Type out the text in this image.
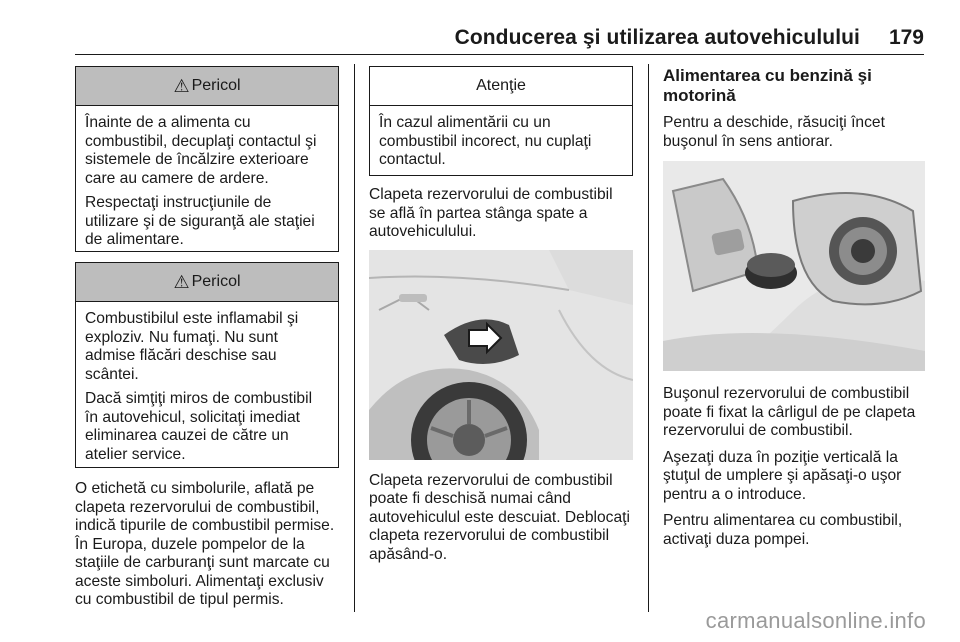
Conducerea şi utilizarea autovehiculului 179
⚠ Pericol

Înainte de a alimenta cu combustibil, decuplaţi contactul şi sistemele de încălzire exterioare care au camere de ardere.

Respectaţi instrucţiunile de utilizare şi de siguranţă ale staţiei de alimentare.

⚠ Pericol

Combustibilul este inflamabil şi exploziv. Nu fumaţi. Nu sunt admise flăcări deschise sau scântei.

Dacă simţiţi miros de combustibil în autovehicul, solicitaţi imediat eliminarea cauzei de către un atelier service.

O etichetă cu simbolurile, aflată pe clapeta rezervorului de combustibil, indică tipurile de combustibil permise. În Europa, duzele pompelor de la staţiile de carburanţi sunt marcate cu aceste simboluri. Alimentaţi exclusiv cu combustibil de tipul permis.

Atenţie

În cazul alimentării cu un combustibil incorect, nu cuplaţi contactul.

Clapeta rezervorului de combustibil se află în partea stânga spate a autovehiculului.

Clapeta rezervorului de combustibil poate fi deschisă numai când autovehiculul este descuiat. Deblocaţi clapeta rezervorului de combustibil apăsând-o.

Alimentarea cu benzină şi motorină

Pentru a deschide, răsuciţi încet buşonul în sens antiorar.

Buşonul rezervorului de combustibil poate fi fixat la cârligul de pe clapeta rezervorului de combustibil.

Aşezaţi duza în poziţie verticală la ştuţul de umplere şi apăsaţi-o uşor pentru a o introduce.

Pentru alimentarea cu combustibil, activaţi duza pompei.

carmanualsonline.info
